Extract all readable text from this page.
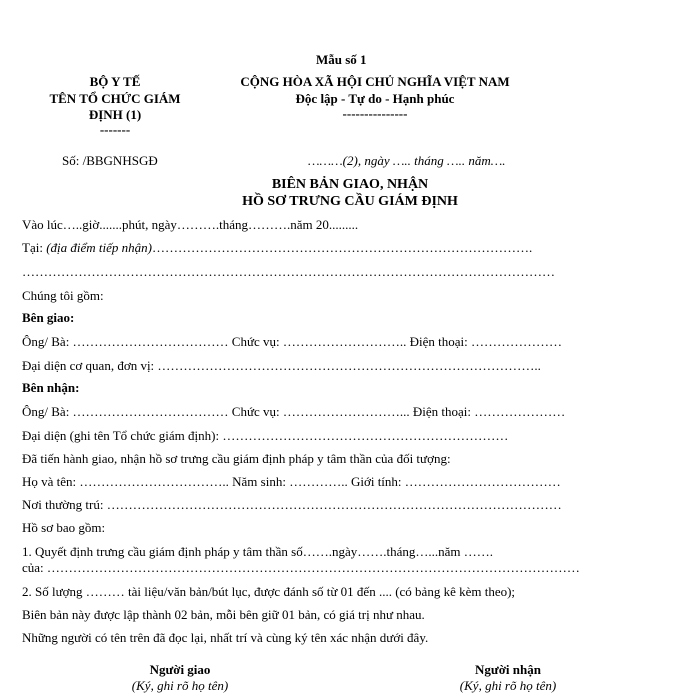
Mẫu số 1
BỘ Y TẾ
TÊN TỔ CHỨC GIÁM
ĐỊNH (1)
-------
CỘNG HÒA XÃ HỘI CHỦ NGHĨA VIỆT NAM
Độc lập - Tự do - Hạnh phúc
---------------
Số: /BBGNHSGĐ	………(2), ngày ….. tháng ….. năm….
BIÊN BẢN GIAO, NHẬN
HỒ SƠ TRƯNG CẦU GIÁM ĐỊNH
Vào lúc…..giờ.......phút, ngày……….tháng……….năm 20.........
Tại: (địa điểm tiếp nhận)…………………………………………………………………………….
……………………………………………………………………………………………………………
Chúng tôi gồm:
Bên giao:
Ông/ Bà: ……………………………… Chức vụ: ……………………….. Điện thoại: …………………
Đại diện cơ quan, đơn vị: ……………………………………………………………………………..
Bên nhận:
Ông/ Bà: ……………………………… Chức vụ: ………………………... Điện thoại: …………………
Đại diện (ghi tên Tổ chức giám định): …………………………………………………………
Đã tiến hành giao, nhận hồ sơ trưng cầu giám định pháp y tâm thần của đối tượng:
Họ và tên: …………………………….. Năm sinh: ………….. Giới tính: ………………………………
Nơi thường trú: ……………………………………………………………………………………………
Hồ sơ bao gồm:
1. Quyết định trưng cầu giám định pháp y tâm thần số…….ngày…….tháng…...năm …….
của: ……………………………………………………………………………………………………………
2. Số lượng ……… tài liệu/văn bản/bút lục, được đánh số từ 01 đến .... (có bảng kê kèm theo);
Biên bản này được lập thành 02 bản, mỗi bên giữ 01 bản, có giá trị như nhau.
Những người có tên trên đã đọc lại, nhất trí và cùng ký tên xác nhận dưới đây.
Người giao
(Ký, ghi rõ họ tên)
Người nhận
(Ký, ghi rõ họ tên)
